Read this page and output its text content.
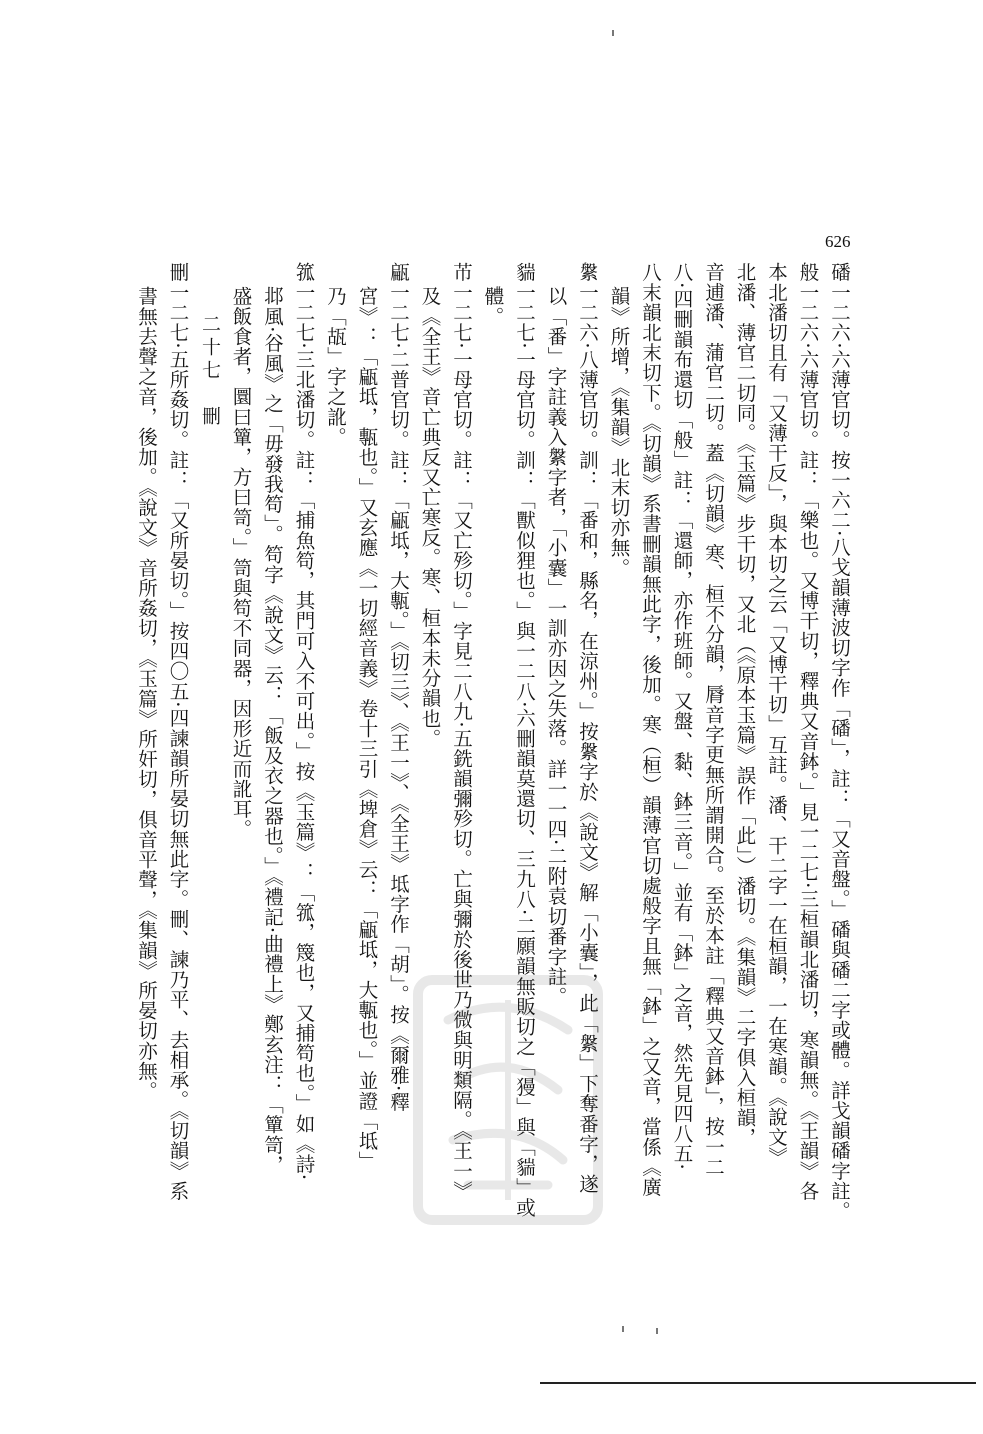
626

磻一二六·六薄官切。按一六二·八戈韻薄波切字作「磻」，註：「又音盤。」磻與磻二字或體。詳戈韻磻字註。

般一二六·六薄官切。註：「樂也。又博干切，釋典又音鉢。」見一二七·三桓韻北潘切，寒韻無。《王韻》各

本北潘切且有「又薄干反」，與本切之云「又博干切」互註。潘、干二字一在桓韻，一在寒韻。《說文》

北潘、薄官二切同。《玉篇》步干切，又北（《原本玉篇》誤作「此」）潘切。《集韻》二字俱入桓韻，

音逋潘、蒲官二切。蓋《切韻》寒、桓不分韻，脣音字更無所謂開合。至於本註「釋典又音鉢」，按一二

八·四刪韻布還切「般」註：「還師，亦作班師。又盤、黏、鉢三音。」並有「鉢」之音，然先見四八五·

八末韻北末切下。《切韻》系書刪韻無此字，後加。寒（桓）韻薄官切處般字且無「鉢」之又音，當係《廣

韻》所增，《集韻》北末切亦無。

縏一二六·八薄官切。訓：「番和，縣名，在涼州。」按縏字於《說文》解「小囊」，此「縏」下奪番字，遂

以「番」字註義入縏字者，「小囊」一訓亦因之失落。詳一一四·二附袁切番字註。

貒一二七·一母官切。訓：「獸似狸也。」與一二八·六刪韻莫還切、三九八·二願韻無販切之「獌」與「貒」或

體。

芇一二七·一母官切。註：「又亡殄切。」字見二八九·五銑韻彌殄切。亡與彌於後世乃微與明類隔。《王一》

及《全王》音亡典反又亡寒反。寒、桓本未分韻也。

甂一二七·二普官切。註：「甂坻，大甎。」《切三》、《王一》、《全王》坻字作「胡」。按《爾雅·釋

宮》：「甂坻，甎也。」又玄應《一切經音義》卷十三引《埤倉》云：「甂坻，大甎也。」並證「坻」

乃「瓳」字之訛。

箛一二七·三北潘切。註：「捕魚笱，其門可入不可出。」按《玉篇》：「箛，篾也，又捕笱也。」如《詩·

邶風·谷風》之「毋發我笱」。笱字《說文》云：「飯及衣之器也。」《禮記·曲禮上》鄭玄注：「簞笥，

盛飯食者，圜曰簞，方曰笥。」笥與笱不同器，因形近而訛耳。

二十七　刪

刪一二七·五所姦切。註：「又所晏切。」按四〇五·四諫韻所晏切無此字。刪、諫乃平、去相承。《切韻》系

書無去聲之音，後加。《說文》音所姦切，《玉篇》所奸切，俱音平聲，《集韻》所晏切亦無。
